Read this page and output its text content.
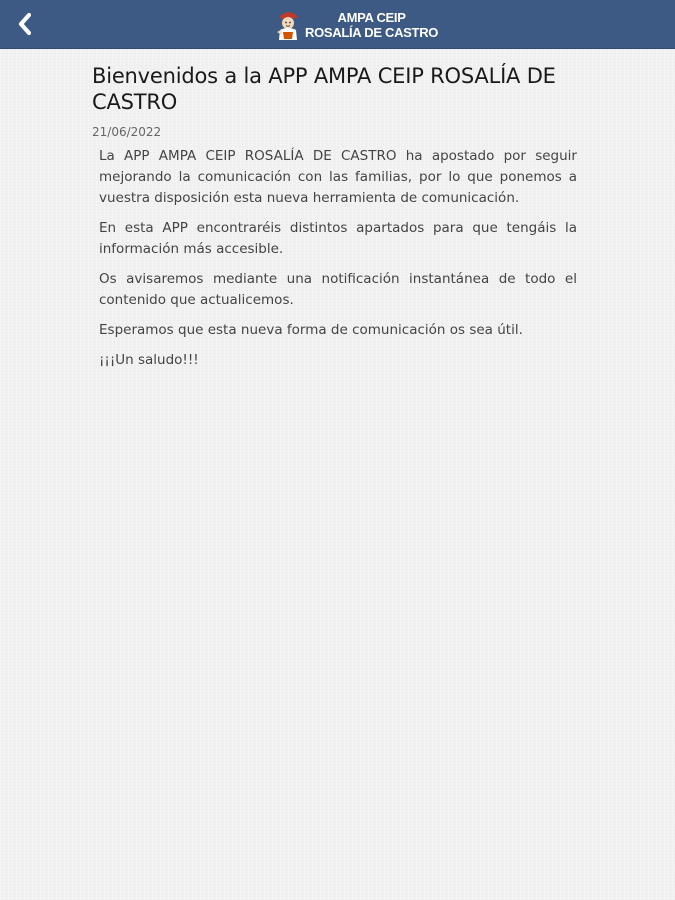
AMPA CEIP
ROSALÍA DE CASTRO
Bienvenidos a la APP AMPA CEIP ROSALÍA DE CASTRO
21/06/2022

La APP AMPA CEIP ROSALÍA DE CASTRO ha apostado por seguir mejorando la comunicación con las familias, por lo que ponemos a vuestra disposición esta nueva herramienta de comunicación.

En esta APP encontraréis distintos apartados para que tengáis la información más accesible.

Os avisaremos mediante una notificación instantánea de todo el contenido que actualicemos.

Esperamos que esta nueva forma de comunicación os sea útil.

¡¡¡Un saludo!!!
